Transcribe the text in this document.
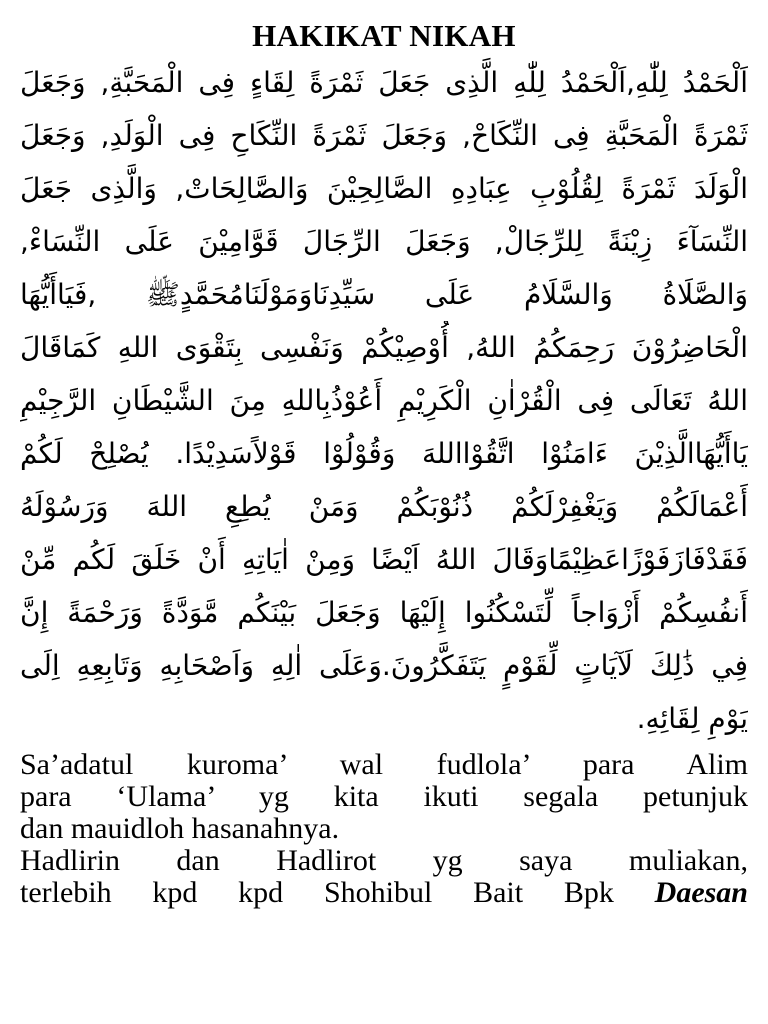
HAKIKAT NIKAH
اَلْحَمْدُ لِلّٰهِ,اَلْحَمْدُ لِلّٰهِ الَّذِى جَعَلَ ثَمْرَةً لِقَاءٍ فِى الْمَحَبَّةِ, وَجَعَلَ
ثَمْرَةً الْمَحَبَّةِ فِى النِّكَاحْ, وَجَعَلَ ثَمْرَةً النِّكَاحِ فِى الْوَلَدِ, وَجَعَلَ
الْوَلَدَ ثَمْرَةً لِقُلُوْبِ عِبَادِهِ الصَّالِحِيْنَ وَالصَّالِحَاتْ, وَالَّذِى جَعَلَ
النِّسَآءَ زِيْنَةً لِلرِّجَالْ, وَجَعَلَ الرِّجَالَ قَوَّامِيْنَ عَلَى النِّسَاءْ,
وَالصَّلَاةُ وَالسَّلَامُ عَلَى سَيِّدِنَاوَمَوْلَنَامُحَمَّدٍﷺ ,فَيَاأَيُّهَا
الْحَاضِرُوْنَ رَحِمَكُمُ اللهُ, أُوْصِيْكُمْ وَنَفْسِى بِتَقْوَى اللهِ كَمَاقَالَ
اللهُ تَعَالَى فِى الْقُرْاٰنِ الْكَرِيْمِ أَعُوْذُبِاللهِ مِنَ الشَّيْطَانِ الرَّجِيْمِ
يَاأَيُّهَاالَّذِيْنَ ءَامَنُوْا اتَّقُوْااللهَ وَقُوْلُوْا قَوْلاًسَدِيْدًا. يُصْلِحْ لَكُمْ
أَعْمَالَكُمْ وَيَغْفِرْلَكُمْ ذُنُوْبَكُمْ وَمَنْ يُطِعِ اللهَ وَرَسُوْلَهُ
فَقَدْفَازَفَوْزًاعَظِيْمًاوَقَالَ اللهُ اَيْضًا وَمِنْ اٰيَاتِهِ أَنْ خَلَقَ لَكُم مِّنْ
أَنفُسِكُمْ أَزْوَاجاً لِّتَسْكُنُوا إِلَيْهَا وَجَعَلَ بَيْنَكُم مَّوَدَّةً وَرَحْمَةً إِنَّ
فِي ذَٰلِكَ لَآيَاتٍ لِّقَوْمٍ يَتَفَكَّرُونَ.وَعَلَى اٰلِهِ وَاَصْحَابِهِ وَتَابِعِهِ اِلَى
يَوْمِ لِقَائِهِ.
Sa’adatul kuroma’ wal fudlola’ para Alim
para ‘Ulama’ yg kita ikuti segala petunjuk
dan mauidloh hasanahnya.
Hadlirin dan Hadlirot yg saya muliakan,
terlebih kpd kpd Shohibul Bait Bpk Daesan
